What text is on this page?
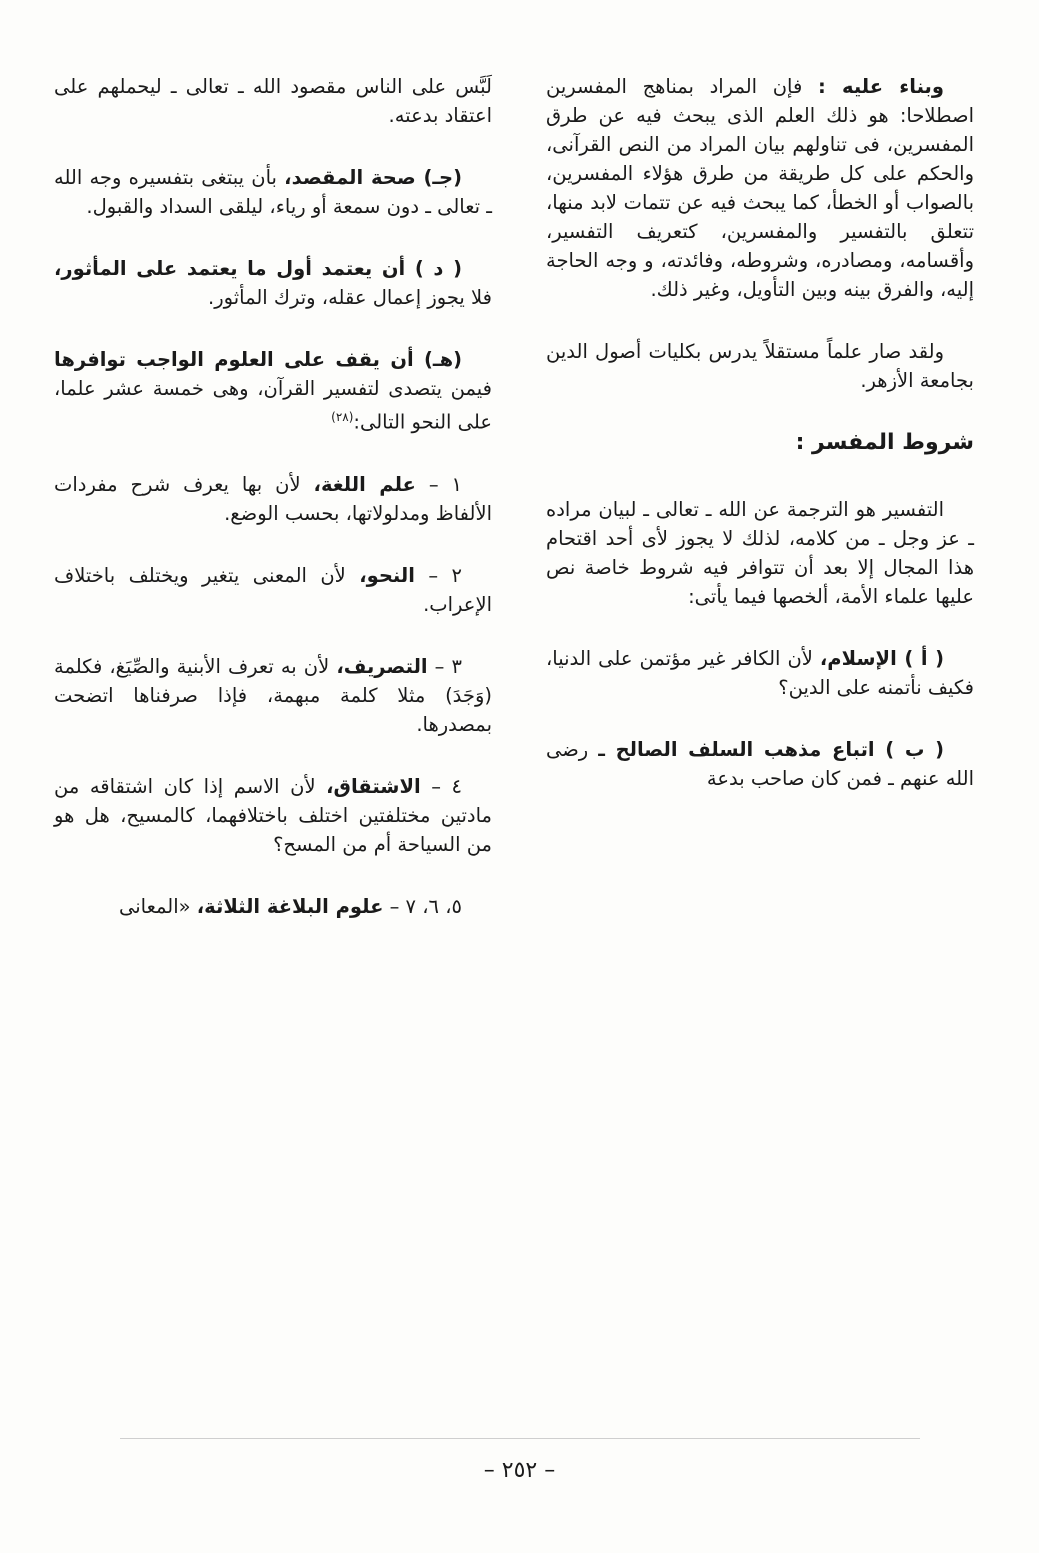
وبناء عليه : فإن المراد بمناهج المفسرين اصطلاحا: هو ذلك العلم الذى يبحث فيه عن طرق المفسرين، فى تناولهم بيان المراد من النص القرآنى، والحكم على كل طريقة من طرق هؤلاء المفسرين، بالصواب أو الخطأ، كما يبحث فيه عن تتمات لابد منها، تتعلق بالتفسير والمفسرين، كتعريف التفسير، وأقسامه، ومصادره، وشروطه، وفائدته، و وجه الحاجة إليه، والفرق بينه وبين التأويل، وغير ذلك.

ولقد صار علماً مستقلاً يدرس بكليات أصول الدين بجامعة الأزهر.

شروط المفسر :

التفسير هو الترجمة عن الله ـ تعالى ـ لبيان مراده ـ عز وجل ـ من كلامه، لذلك لا يجوز لأى أحد اقتحام هذا المجال إلا بعد أن تتوافر فيه شروط خاصة نص عليها علماء الأمة، ألخصها فيما يأتى:

( أ ) الإسلام، لأن الكافر غير مؤتمن على الدنيا، فكيف نأتمنه على الدين؟

( ب ) اتباع مذهب السلف الصالح ـ رضى الله عنهم ـ فمن كان صاحب بدعة

لَبَّس على الناس مقصود الله ـ تعالى ـ ليحملهم على اعتقاد بدعته.

(جـ) صحة المقصد، بأن يبتغى بتفسيره وجه الله ـ تعالى ـ دون سمعة أو رياء، ليلقى السداد والقبول.

( د ) أن يعتمد أول ما يعتمد على المأثور، فلا يجوز إعمال عقله، وترك المأثور.

(هـ) أن يقف على العلوم الواجب توافرها فيمن يتصدى لتفسير القرآن، وهى خمسة عشر علما، على النحو التالى:$^{(٢٨)}$

١ – علم اللغة، لأن بها يعرف شرح مفردات الألفاظ ومدلولاتها، بحسب الوضع.

٢ – النحو، لأن المعنى يتغير ويختلف باختلاف الإعراب.

٣ – التصريف، لأن به تعرف الأبنية والصِّيَغ، فكلمة (وَجَدَ) مثلا كلمة مبهمة، فإذا صرفناها اتضحت بمصدرها.

٤ – الاشتقاق، لأن الاسم إذا كان اشتقاقه من مادتين مختلفتين اختلف باختلافهما، كالمسيح، هل هو من السياحة أم من المسح؟

٥، ٦، ٧ – علوم البلاغة الثلاثة، «المعانى

– ٢٥٢ –
